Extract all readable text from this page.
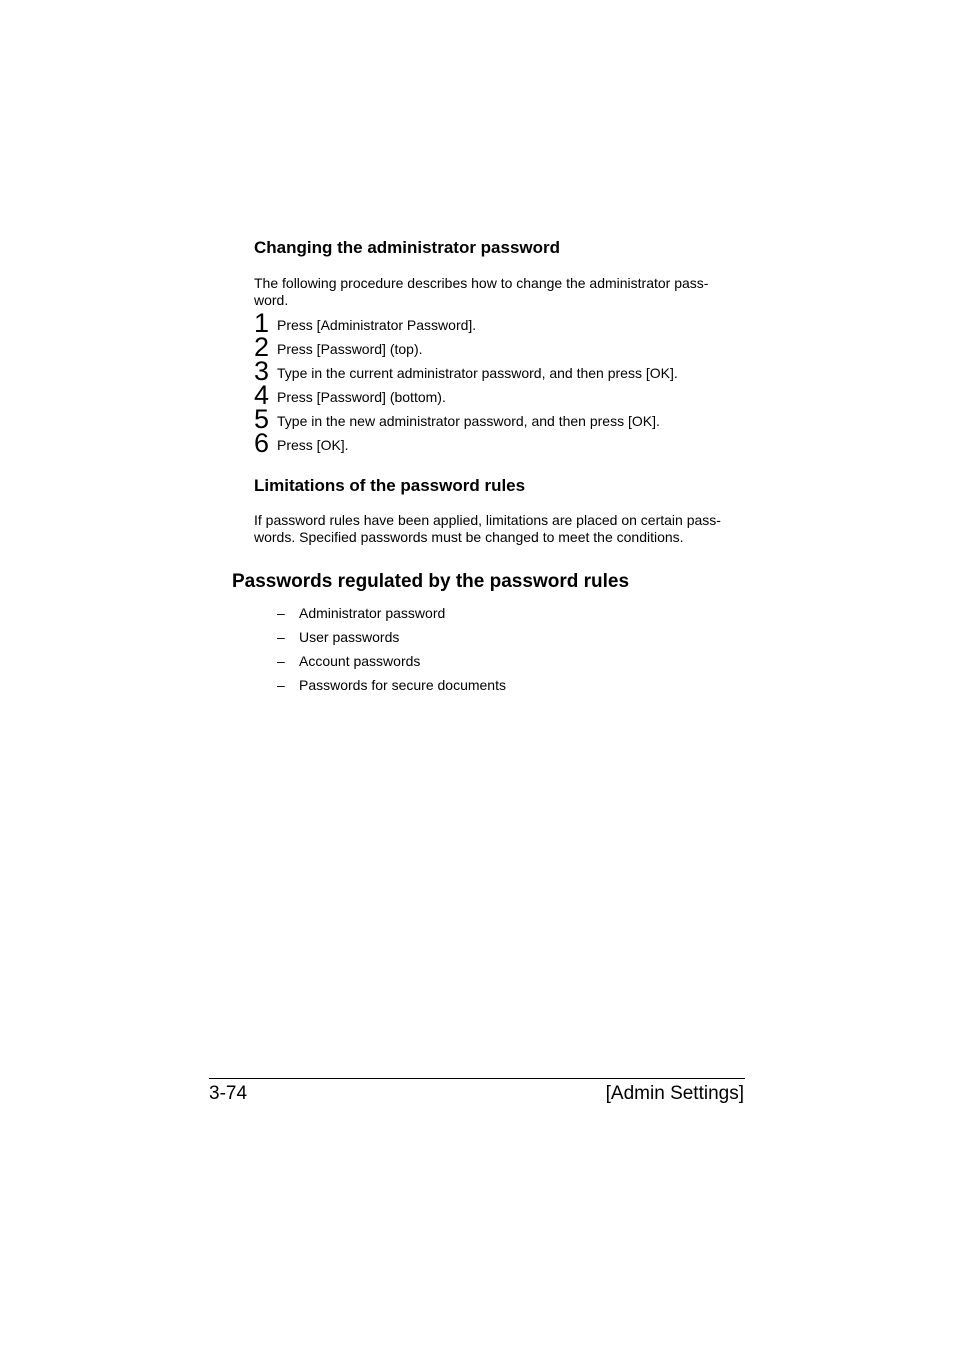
Changing the administrator password
The following procedure describes how to change the administrator pass-
word.
1 Press [Administrator Password].
2 Press [Password] (top).
3 Type in the current administrator password, and then press [OK].
4 Press [Password] (bottom).
5 Type in the new administrator password, and then press [OK].
6 Press [OK].
Limitations of the password rules
If password rules have been applied, limitations are placed on certain pass-
words. Specified passwords must be changed to meet the conditions.
Passwords regulated by the password rules
– Administrator password
– User passwords
– Account passwords
– Passwords for secure documents
3-74	[Admin Settings]
